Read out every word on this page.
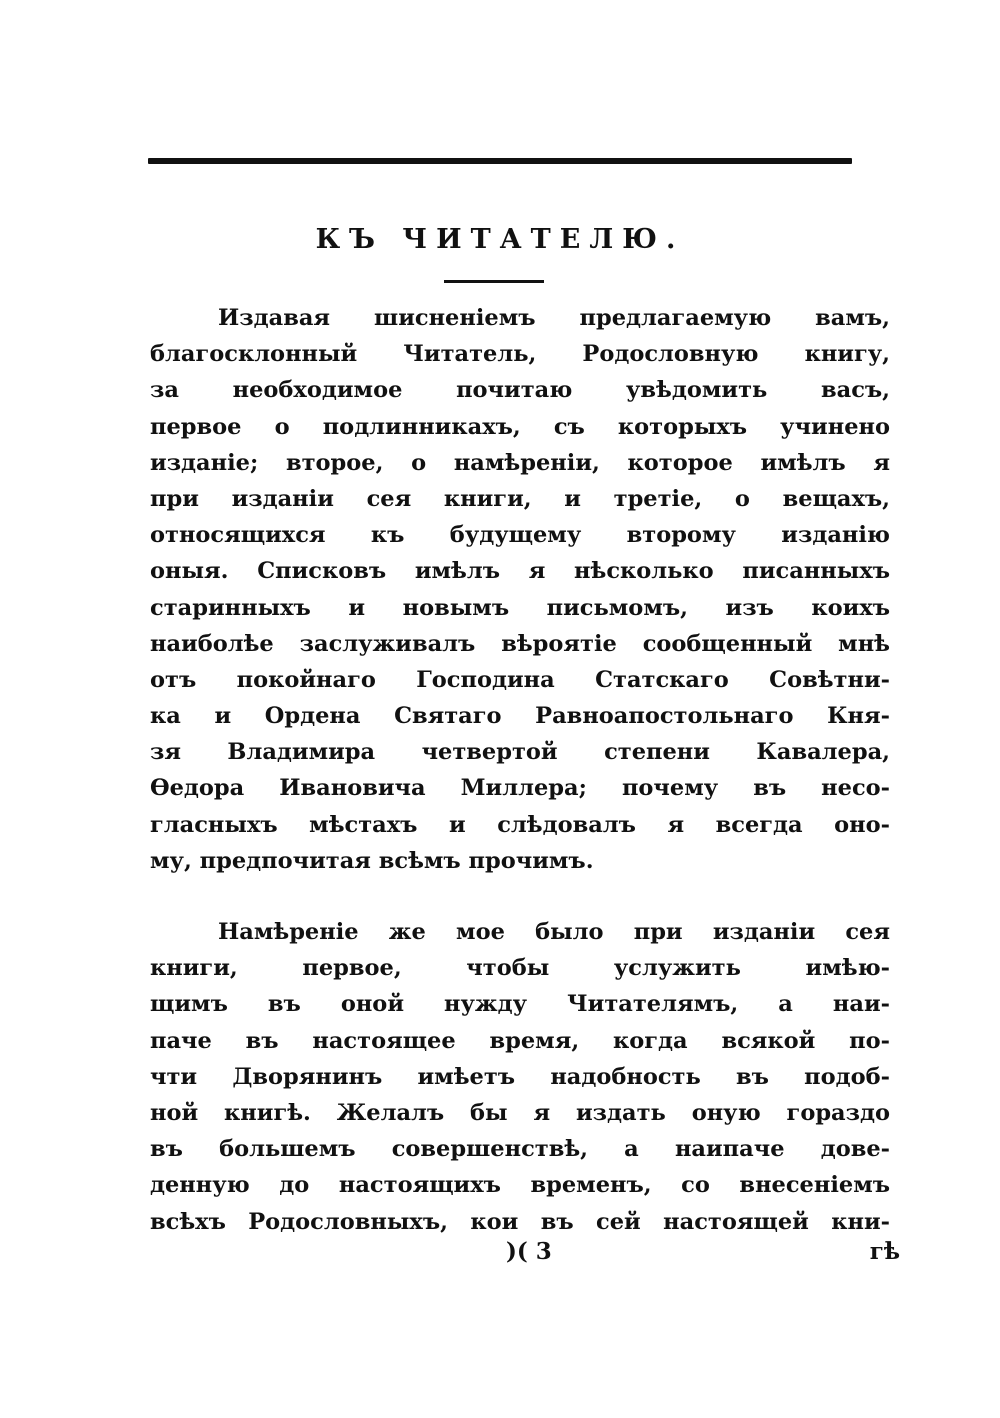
КЪ ЧИТАТЕЛЮ.
Издавая шисненіемъ предлагаемую вамъ,
благосклонный Читатель, Родословную книгу,
за необходимое почитаю увѣдомить васъ,
первое о подлинникахъ, съ которыхъ учинено
изданіе; второе, о намѣреніи, которое имѣлъ я
при изданіи сея книги, и третіе, о вещахъ,
относящихся къ будущему второму изданію
оныя. Списковъ имѣлъ я нѣсколько писанныхъ
старинныхъ и новымъ письмомъ, изъ коихъ
наиболѣе заслуживалъ вѣроятіе сообщенный мнѣ
отъ покойнаго Господина Статскаго Совѣтни-
ка и Ордена Святаго Равноапостольнаго Кня-
зя Владимира четвертой степени Кавалера,
Ѳедора Ивановича Миллера; почему въ несо-
гласныхъ мѣстахъ и слѣдовалъ я всегда оно-
му, предпочитая всѣмъ прочимъ.
Намѣреніе же мое было при изданіи сея
книги, первое, чтобы услужить имѣю-
щимъ въ оной нужду Читателямъ, а наи-
паче въ настоящее время, когда всякой по-
чти Дворянинъ имѣетъ надобность въ подоб-
ной книгѣ. Желалъ бы я издать оную гораздо
въ большемъ совершенствѣ, а наипаче дове-
денную до настоящихъ временъ, со внесеніемъ
всѣхъ Родословныхъ, кои въ сей настоящей кни-
)( 3	гѣ
